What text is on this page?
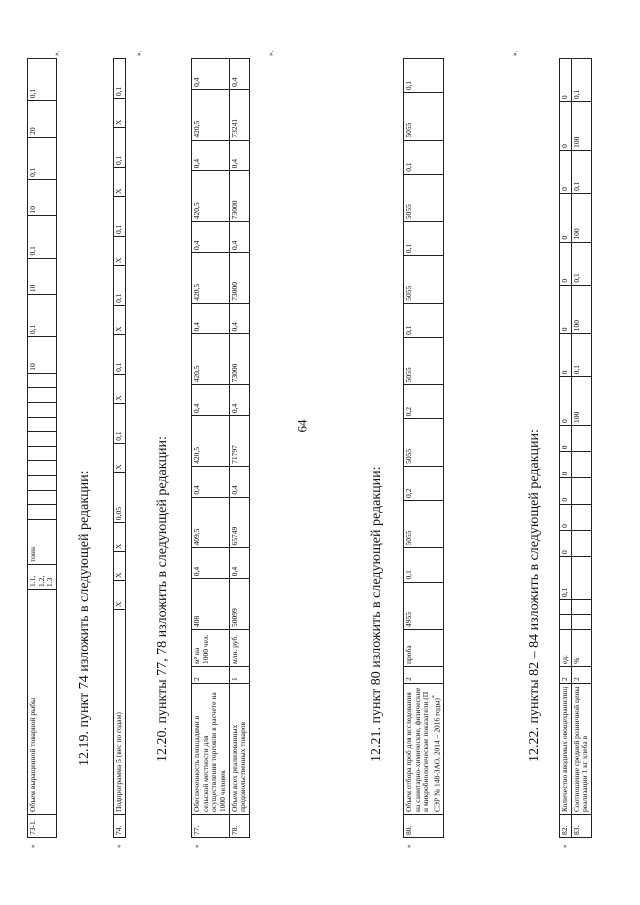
64
«
73-1.	Объем выращенной товарной рыбы	1.1, 1.2, 1.3	тонн											10	0,1	10	0,1	10	0,1	20	0,1
».
12.19. пункт 74 изложить в следующей редакции:
«
74.	Подпрограмма 5 (вес по годам)	X	X	X	0,05	X	0,1	X	0,1	X	0,1	X	0,1	X	0,1	X	0,1
».
12.20. пункты 77, 78 изложить в следующей редакции:
«
77.	Обеспеченность площадями в сельской местности для осуществления торговли в расчете на 1000 человек	2	м² на 1000 чел.	408	0,4	409,5	0,4	420,5	0,4	420,5	0,4	420,5	0,4	420,5	0,4	420,5	0,4
78.	Объем всех реализованных продовольственных товаров	1	млн. руб.	50099	0,4	65749	0,4	71797	0,4	73000	0,4	73000	0,4	73000	0,4	73241	0,4
».
12.21. пункт 80 изложить в следующей редакции:
«
80.	Объем отбора проб для исследования на санитарно-химические, физические и микробиологические показатели (П СЭР № 148-ЗАО, 2014 – 2016 годы)*	2	проба	4955	0,1	5055	0,2	5055	0,2	5055	0,1	5055	0,1	5055	0,1	5055	0,1
».
12.22. пункты 82 – 84 изложить в следующей редакции:
«
82.	Количество вводимых овощехранилищ	2	ед.			0,1	0	0	0	0	0	0	0	0	0	0	0	0	0
83.	Соотношение средней розничной цены реализации 1 кг хлеба в	2	%									100	0,1	100	0,1	100	0,1	100	0,1
